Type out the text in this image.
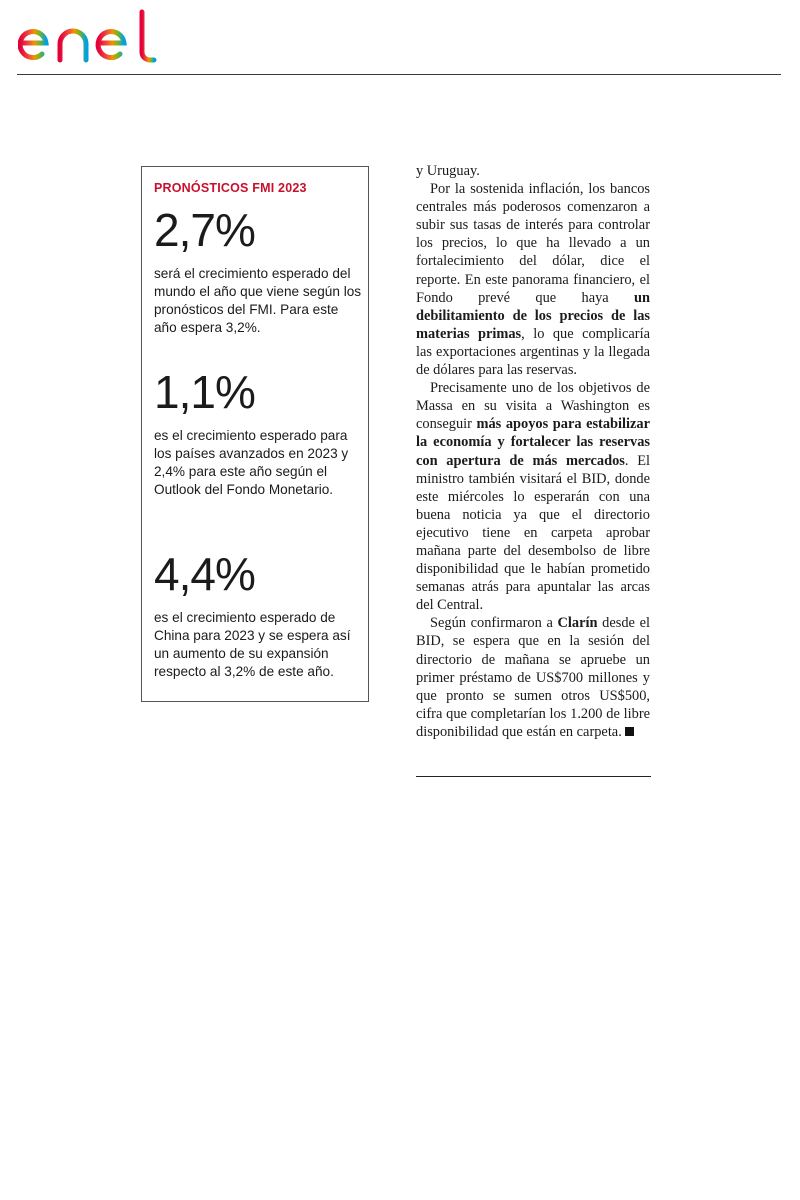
PRONÓSTICOS FMI 2023
2,7%
será el crecimiento esperado del mundo el año que viene según los pronósticos del FMI. Para este año espera 3,2%.
1,1%
es el crecimiento esperado para los países avanzados en 2023 y 2,4% para este año según el Outlook del Fondo Monetario.
4,4%
es el crecimiento esperado de China para 2023 y se espera así un aumento de su expansión respecto al 3,2% de este año.

y Uruguay.

Por la sostenida inflación, los bancos centrales más poderosos comenzaron a subir sus tasas de interés para controlar los precios, lo que ha llevado a un fortalecimiento del dólar, dice el reporte. En este panorama financiero, el Fondo prevé que haya un debilitamiento de los precios de las materias primas, lo que complicaría las exportaciones argentinas y la llegada de dólares para las reservas.

Precisamente uno de los objetivos de Massa en su visita a Washington es conseguir más apoyos para estabilizar la economía y fortalecer las reservas con apertura de más mercados. El ministro también visitará el BID, donde este miércoles lo esperarán con una buena noticia ya que el directorio ejecutivo tiene en carpeta aprobar mañana parte del desembolso de libre disponibilidad que le habían prometido semanas atrás para apuntalar las arcas del Central.

Según confirmaron a Clarín desde el BID, se espera que en la sesión del directorio de mañana se apruebe un primer préstamo de US$700 millones y que pronto se sumen otros US$500, cifra que completarían los 1.200 de libre disponibilidad que están en carpeta.
